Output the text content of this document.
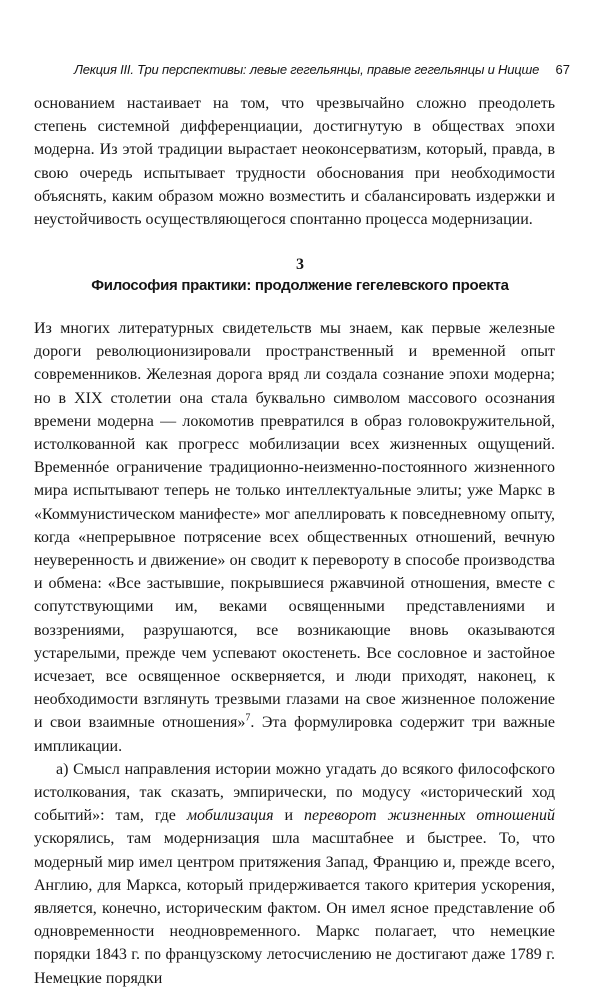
Лекция III. Три перспективы: левые гегельянцы, правые гегельянцы и Ницше 67

основанием настаивает на том, что чрезвычайно сложно преодолеть степень системной дифференциации, достигнутую в обществах эпохи модерна. Из этой традиции вырастает неоконсерватизм, который, правда, в свою очередь испытывает трудности обоснования при необходимости объяснять, каким образом можно возместить и сбалансировать издержки и неустойчивость осуществляющегося спонтанно процесса модернизации.

3
Философия практики: продолжение гегелевского проекта

Из многих литературных свидетельств мы знаем, как первые железные дороги революционизировали пространственный и временной опыт современников. Железная дорога вряд ли создала сознание эпохи модерна; но в XIX столетии она стала буквально символом массового осознания времени модерна — локомотив превратился в образ головокружительной, истолкованной как прогресс мобилизации всех жизненных ощущений. Временнóе ограничение традиционно-неизменно-постоянного жизненного мира испытывают теперь не только интеллектуальные элиты; уже Маркс в «Коммунистическом манифесте» мог апеллировать к повседневному опыту, когда «непрерывное потрясение всех общественных отношений, вечную неуверенность и движение» он сводит к перевороту в способе производства и обмена: «Все застывшие, покрывшиеся ржавчиной отношения, вместе с сопутствующими им, веками освященными представлениями и воззрениями, разрушаются, все возникающие вновь оказываются устарелыми, прежде чем успевают окостенеть. Все сословное и застойное исчезает, все освященное оскверняется, и люди приходят, наконец, к необходимости взглянуть трезвыми глазами на свое жизненное положение и свои взаимные отношения»$^7$. Эта формулировка содержит три важные импликации.

а) Смысл направления истории можно угадать до всякого философского истолкования, так сказать, эмпирически, по модусу «исторический ход событий»: там, где мобилизация и переворот жизненных отношений ускорялись, там модернизация шла масштабнее и быстрее. То, что модерный мир имел центром притяжения Запад, Францию и, прежде всего, Англию, для Маркса, который придерживается такого критерия ускорения, является, конечно, историческим фактом. Он имел ясное представление об одновременности неодновременного. Маркс полагает, что немецкие порядки 1843 г. по французскому летосчислению не достигают даже 1789 г. Немецкие порядки
